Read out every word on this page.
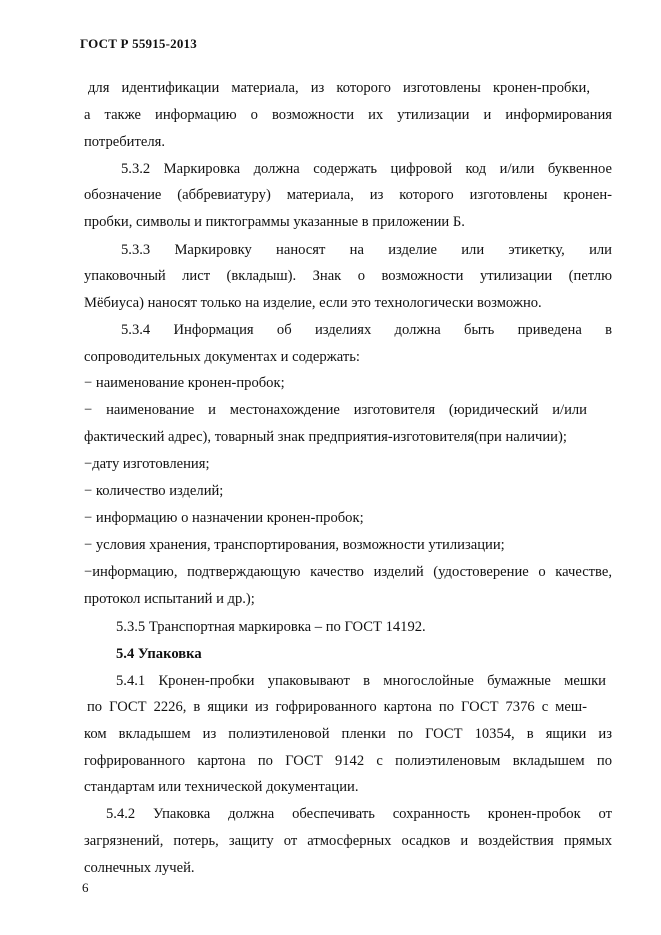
ГОСТ Р 55915-2013
для идентификации материала, из которого изготовлены кронен-пробки,
а также информацию о возможности их утилизации и информирования
потребителя.
5.3.2 Маркировка должна содержать цифровой код и/или буквенное
обозначение (аббревиатуру) материала, из которого изготовлены кронен-
пробки, символы и пиктограммы указанные в приложении Б.
5.3.3 Маркировку наносят на изделие или этикетку, или
упаковочный лист (вкладыш). Знак о возможности утилизации (петлю
Мёбиуса) наносят только на изделие, если это технологически возможно.
5.3.4 Информация об изделиях должна быть приведена в
сопроводительных документах и содержать:
− наименование кронен-пробок;
− наименование и местонахождение изготовителя (юридический и/или
фактический адрес), товарный знак предприятия-изготовителя(при наличии);
−дату изготовления;
− количество изделий;
− информацию о назначении кронен-пробок;
− условия хранения, транспортирования, возможности утилизации;
−информацию, подтверждающую качество изделий (удостоверение о качестве,
протокол испытаний и др.);
5.3.5 Транспортная маркировка – по ГОСТ 14192.
5.4 Упаковка
5.4.1 Кронен-пробки упаковывают в многослойные бумажные мешки
по ГОСТ 2226, в ящики из гофрированного картона по ГОСТ 7376 с меш-
ком вкладышем из полиэтиленовой пленки по ГОСТ 10354, в ящики из
гофрированного картона по ГОСТ 9142 с полиэтиленовым вкладышем по
стандартам или технической документации.
5.4.2 Упаковка должна обеспечивать сохранность кронен-пробок от
загрязнений, потерь, защиту от атмосферных осадков и воздействия прямых
солнечных лучей.
6
